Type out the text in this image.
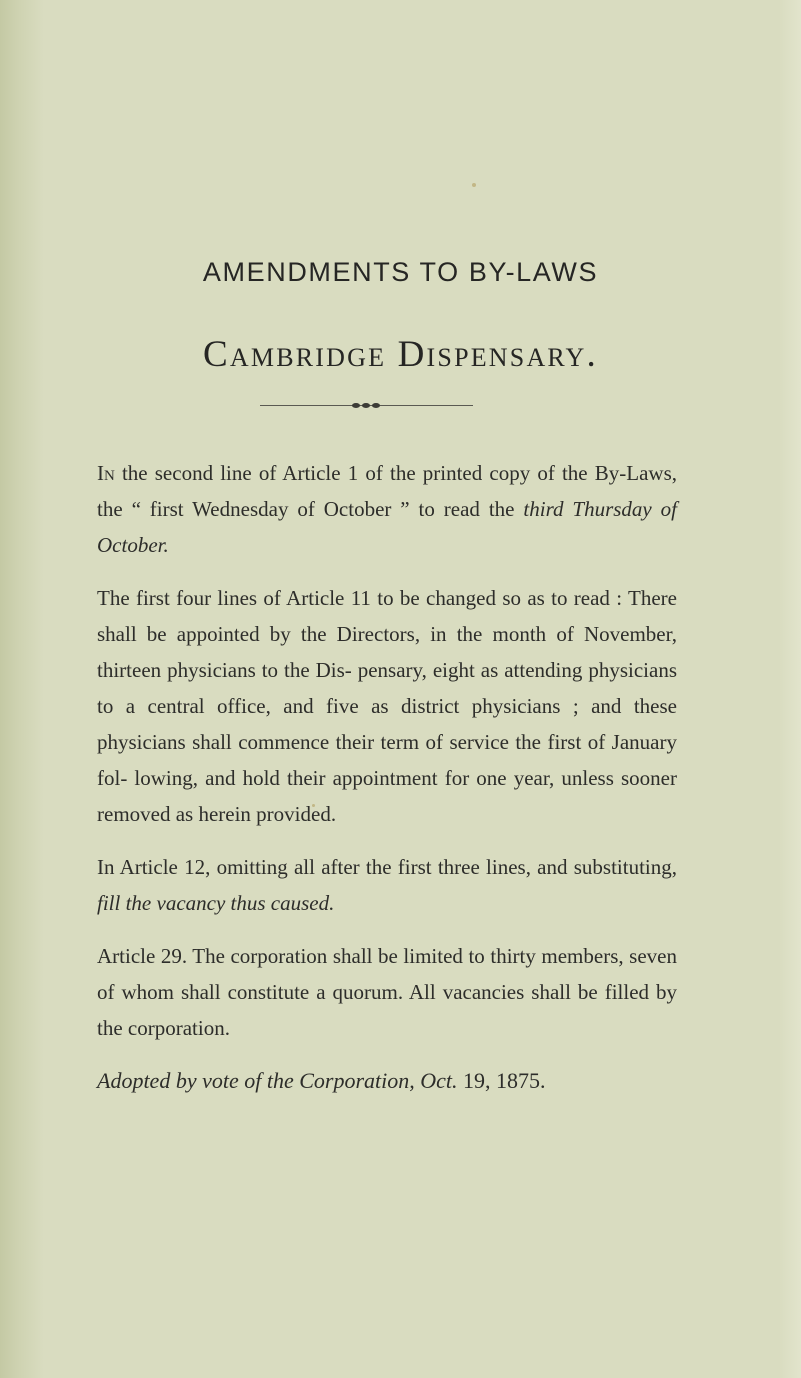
AMENDMENTS TO BY-LAWS
Cambridge Dispensary.

In the second line of Article 1 of the printed copy of the By-Laws, the “ first Wednesday of October ” to read the third Thursday of October.

The first four lines of Article 11 to be changed so as to read : There shall be appointed by the Directors, in the month of November, thirteen physicians to the Dis- pensary, eight as attending physicians to a central office, and five as district physicians ; and these physicians shall commence their term of service the first of January fol- lowing, and hold their appointment for one year, unless sooner removed as herein provided.

In Article 12, omitting all after the first three lines, and substituting, fill the vacancy thus caused.

Article 29. The corporation shall be limited to thirty members, seven of whom shall constitute a quorum. All vacancies shall be filled by the corporation.

Adopted by vote of the Corporation, Oct. 19, 1875.
